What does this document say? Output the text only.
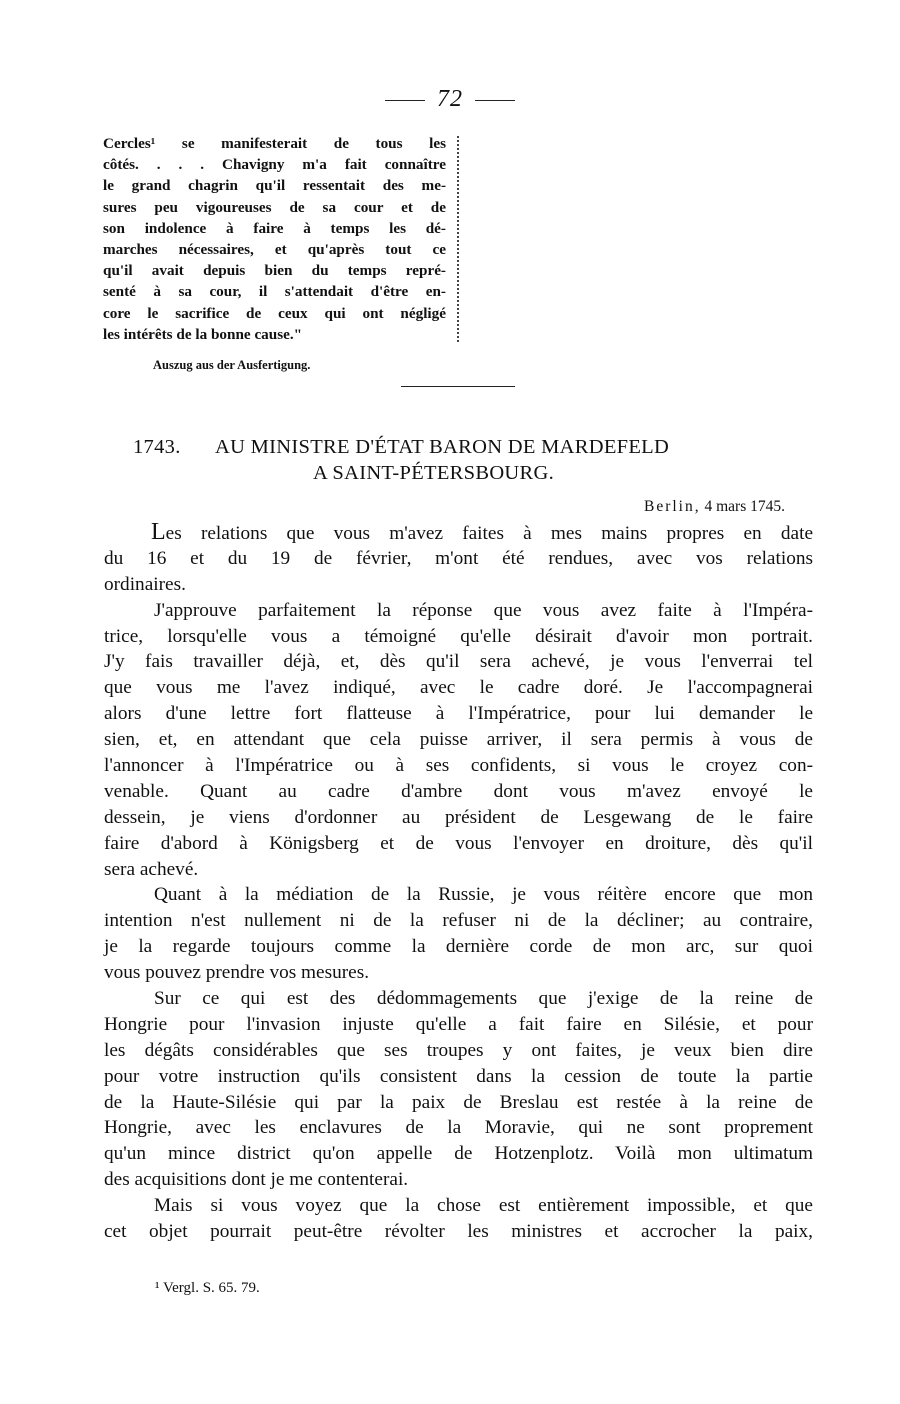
72
Cercles¹ se manifesterait de tous les
côtés. . . . Chavigny m'a fait connaître
le grand chagrin qu'il ressentait des me-
sures peu vigoureuses de sa cour et de
son indolence à faire à temps les dé-
marches nécessaires, et qu'après tout ce
qu'il avait depuis bien du temps repré-
senté à sa cour, il s'attendait d'être en-
core le sacrifice de ceux qui ont négligé
les intérêts de la bonne cause."
Auszug aus der Ausfertigung.
1743. AU MINISTRE D'ÉTAT BARON DE MARDEFELD
A SAINT-PÉTERSBOURG.
Berlin, 4 mars 1745.
Les relations que vous m'avez faites à mes mains propres en date
du 16 et du 19 de février, m'ont été rendues, avec vos relations
ordinaires.
J'approuve parfaitement la réponse que vous avez faite à l'Impéra-
trice, lorsqu'elle vous a témoigné qu'elle désirait d'avoir mon portrait.
J'y fais travailler déjà, et, dès qu'il sera achevé, je vous l'enverrai tel
que vous me l'avez indiqué, avec le cadre doré. Je l'accompagnerai
alors d'une lettre fort flatteuse à l'Impératrice, pour lui demander le
sien, et, en attendant que cela puisse arriver, il sera permis à vous de
l'annoncer à l'Impératrice ou à ses confidents, si vous le croyez con-
venable. Quant au cadre d'ambre dont vous m'avez envoyé le
dessein, je viens d'ordonner au président de Lesgewang de le faire
faire d'abord à Königsberg et de vous l'envoyer en droiture, dès qu'il
sera achevé.
Quant à la médiation de la Russie, je vous réitère encore que mon
intention n'est nullement ni de la refuser ni de la décliner; au contraire,
je la regarde toujours comme la dernière corde de mon arc, sur quoi
vous pouvez prendre vos mesures.
Sur ce qui est des dédommagements que j'exige de la reine de
Hongrie pour l'invasion injuste qu'elle a fait faire en Silésie, et pour
les dégâts considérables que ses troupes y ont faites, je veux bien dire
pour votre instruction qu'ils consistent dans la cession de toute la partie
de la Haute-Silésie qui par la paix de Breslau est restée à la reine de
Hongrie, avec les enclavures de la Moravie, qui ne sont proprement
qu'un mince district qu'on appelle de Hotzenplotz. Voilà mon ultimatum
des acquisitions dont je me contenterai.
Mais si vous voyez que la chose est entièrement impossible, et que
cet objet pourrait peut-être révolter les ministres et accrocher la paix,
¹ Vergl. S. 65. 79.
